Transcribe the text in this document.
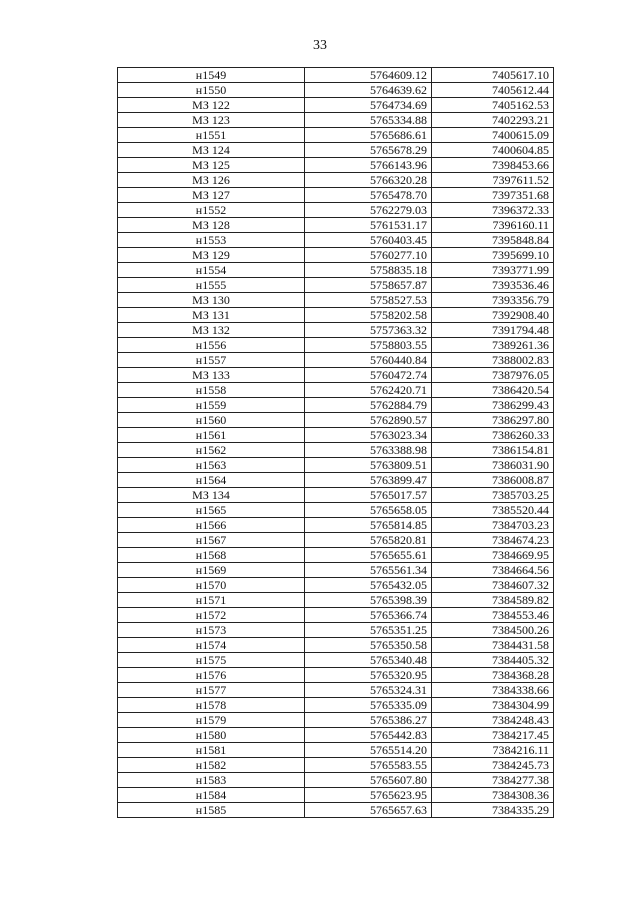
33
н1549	5764609.12	7405617.10
н1550	5764639.62	7405612.44
МЗ 122	5764734.69	7405162.53
МЗ 123	5765334.88	7402293.21
н1551	5765686.61	7400615.09
МЗ 124	5765678.29	7400604.85
МЗ 125	5766143.96	7398453.66
МЗ 126	5766320.28	7397611.52
МЗ 127	5765478.70	7397351.68
н1552	5762279.03	7396372.33
МЗ 128	5761531.17	7396160.11
н1553	5760403.45	7395848.84
МЗ 129	5760277.10	7395699.10
н1554	5758835.18	7393771.99
н1555	5758657.87	7393536.46
МЗ 130	5758527.53	7393356.79
МЗ 131	5758202.58	7392908.40
МЗ 132	5757363.32	7391794.48
н1556	5758803.55	7389261.36
н1557	5760440.84	7388002.83
МЗ 133	5760472.74	7387976.05
н1558	5762420.71	7386420.54
н1559	5762884.79	7386299.43
н1560	5762890.57	7386297.80
н1561	5763023.34	7386260.33
н1562	5763388.98	7386154.81
н1563	5763809.51	7386031.90
н1564	5763899.47	7386008.87
МЗ 134	5765017.57	7385703.25
н1565	5765658.05	7385520.44
н1566	5765814.85	7384703.23
н1567	5765820.81	7384674.23
н1568	5765655.61	7384669.95
н1569	5765561.34	7384664.56
н1570	5765432.05	7384607.32
н1571	5765398.39	7384589.82
н1572	5765366.74	7384553.46
н1573	5765351.25	7384500.26
н1574	5765350.58	7384431.58
н1575	5765340.48	7384405.32
н1576	5765320.95	7384368.28
н1577	5765324.31	7384338.66
н1578	5765335.09	7384304.99
н1579	5765386.27	7384248.43
н1580	5765442.83	7384217.45
н1581	5765514.20	7384216.11
н1582	5765583.55	7384245.73
н1583	5765607.80	7384277.38
н1584	5765623.95	7384308.36
н1585	5765657.63	7384335.29
